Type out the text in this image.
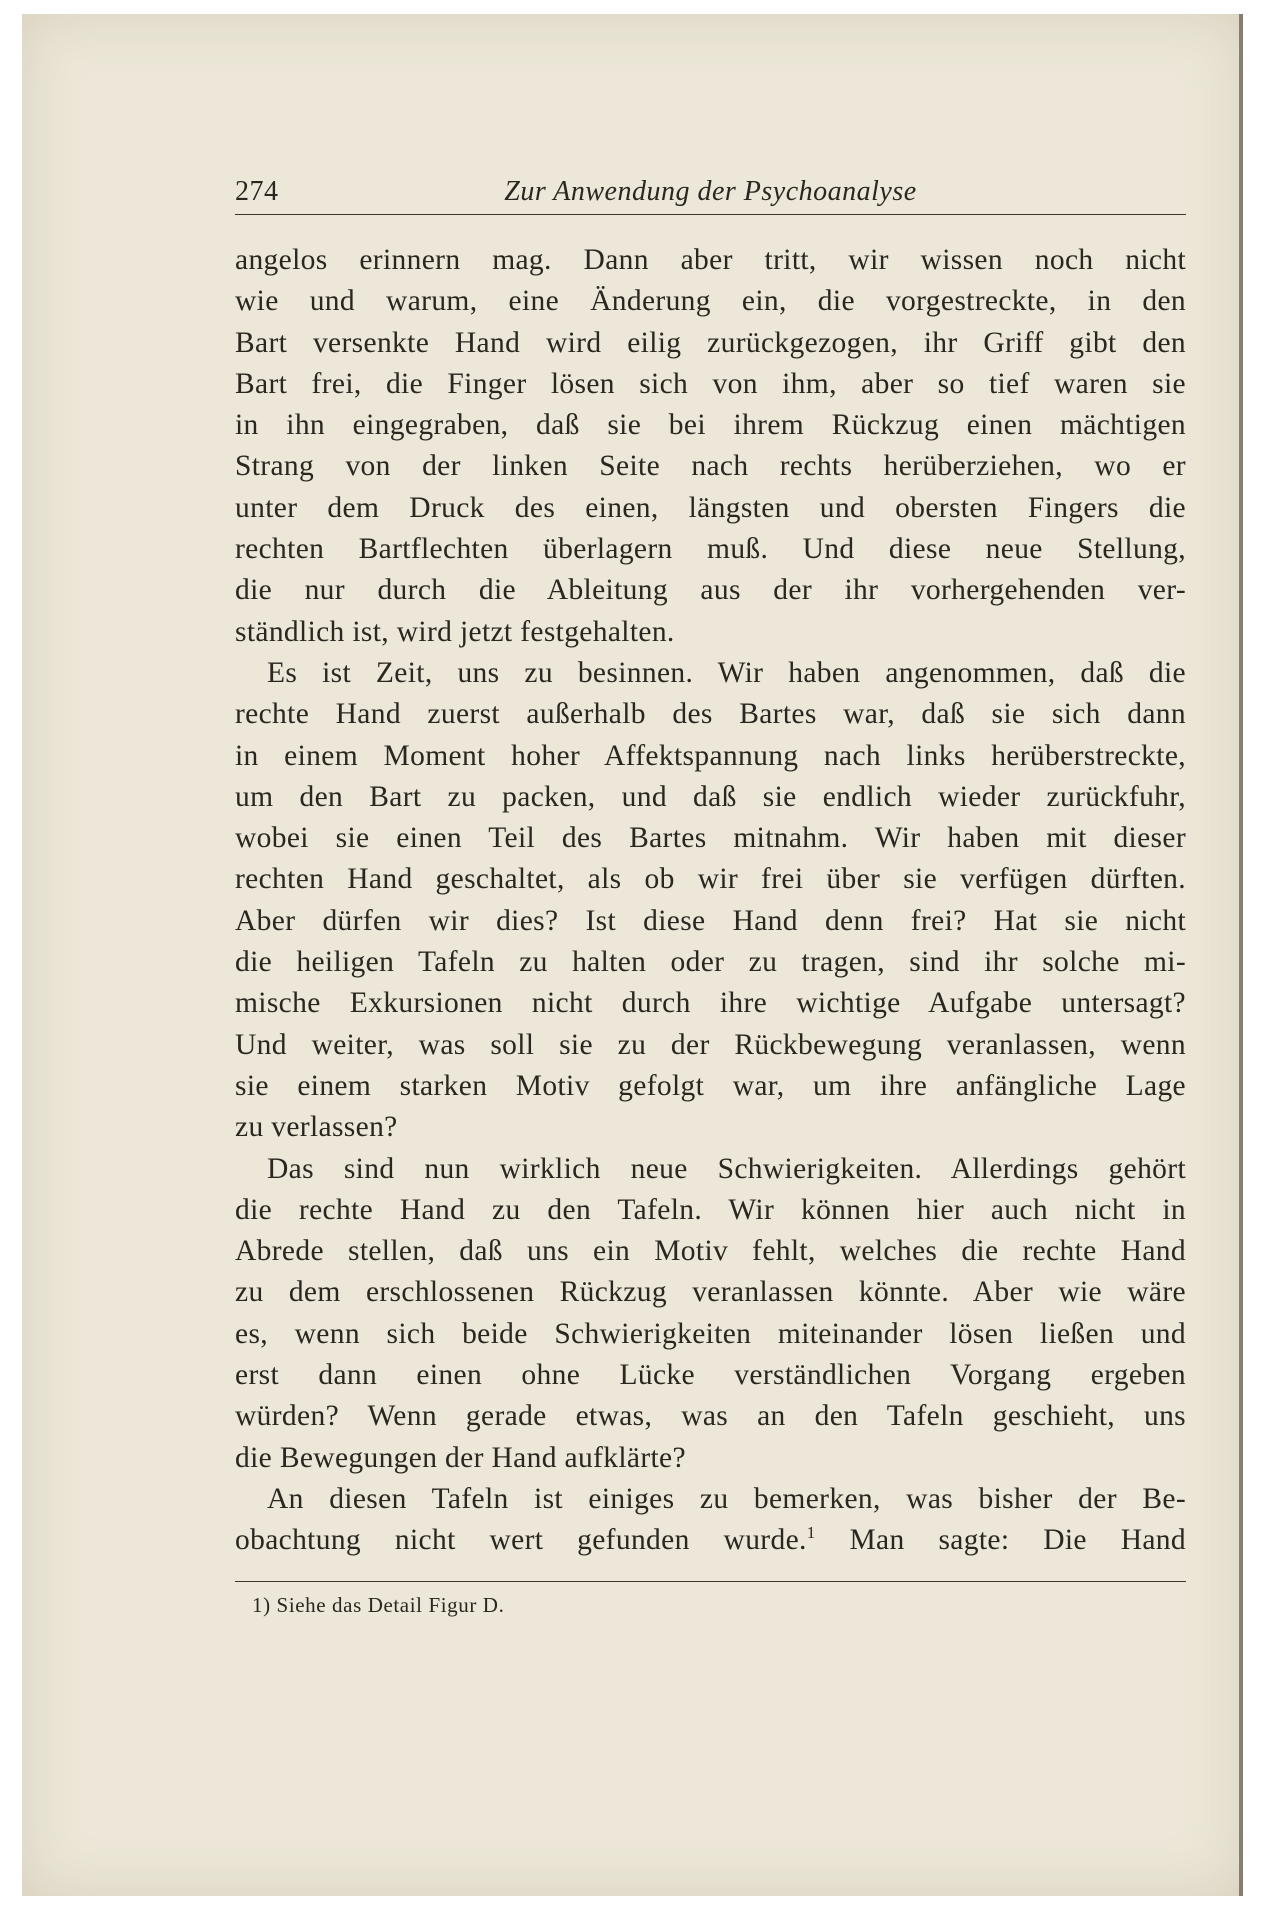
274	Zur Anwendung der Psychoanalyse
angelos erinnern mag. Dann aber tritt, wir wissen noch nicht
wie und warum, eine Änderung ein, die vorgestreckte, in den
Bart versenkte Hand wird eilig zurückgezogen, ihr Griff gibt den
Bart frei, die Finger lösen sich von ihm, aber so tief waren sie
in ihn eingegraben, daß sie bei ihrem Rückzug einen mächtigen
Strang von der linken Seite nach rechts herüberziehen, wo er
unter dem Druck des einen, längsten und obersten Fingers die
rechten Bartflechten überlagern muß. Und diese neue Stellung,
die nur durch die Ableitung aus der ihr vorhergehenden ver-
ständlich ist, wird jetzt festgehalten.
Es ist Zeit, uns zu besinnen. Wir haben angenommen, daß die
rechte Hand zuerst außerhalb des Bartes war, daß sie sich dann
in einem Moment hoher Affektspannung nach links herüberstreckte,
um den Bart zu packen, und daß sie endlich wieder zurückfuhr,
wobei sie einen Teil des Bartes mitnahm. Wir haben mit dieser
rechten Hand geschaltet, als ob wir frei über sie verfügen dürften.
Aber dürfen wir dies? Ist diese Hand denn frei? Hat sie nicht
die heiligen Tafeln zu halten oder zu tragen, sind ihr solche mi-
mische Exkursionen nicht durch ihre wichtige Aufgabe untersagt?
Und weiter, was soll sie zu der Rückbewegung veranlassen, wenn
sie einem starken Motiv gefolgt war, um ihre anfängliche Lage
zu verlassen?
Das sind nun wirklich neue Schwierigkeiten. Allerdings gehört
die rechte Hand zu den Tafeln. Wir können hier auch nicht in
Abrede stellen, daß uns ein Motiv fehlt, welches die rechte Hand
zu dem erschlossenen Rückzug veranlassen könnte. Aber wie wäre
es, wenn sich beide Schwierigkeiten miteinander lösen ließen und
erst dann einen ohne Lücke verständlichen Vorgang ergeben
würden? Wenn gerade etwas, was an den Tafeln geschieht, uns
die Bewegungen der Hand aufklärte?
An diesen Tafeln ist einiges zu bemerken, was bisher der Be-
obachtung nicht wert gefunden wurde.$^1$ Man sagte: Die Hand
1) Siehe das Detail Figur D.
